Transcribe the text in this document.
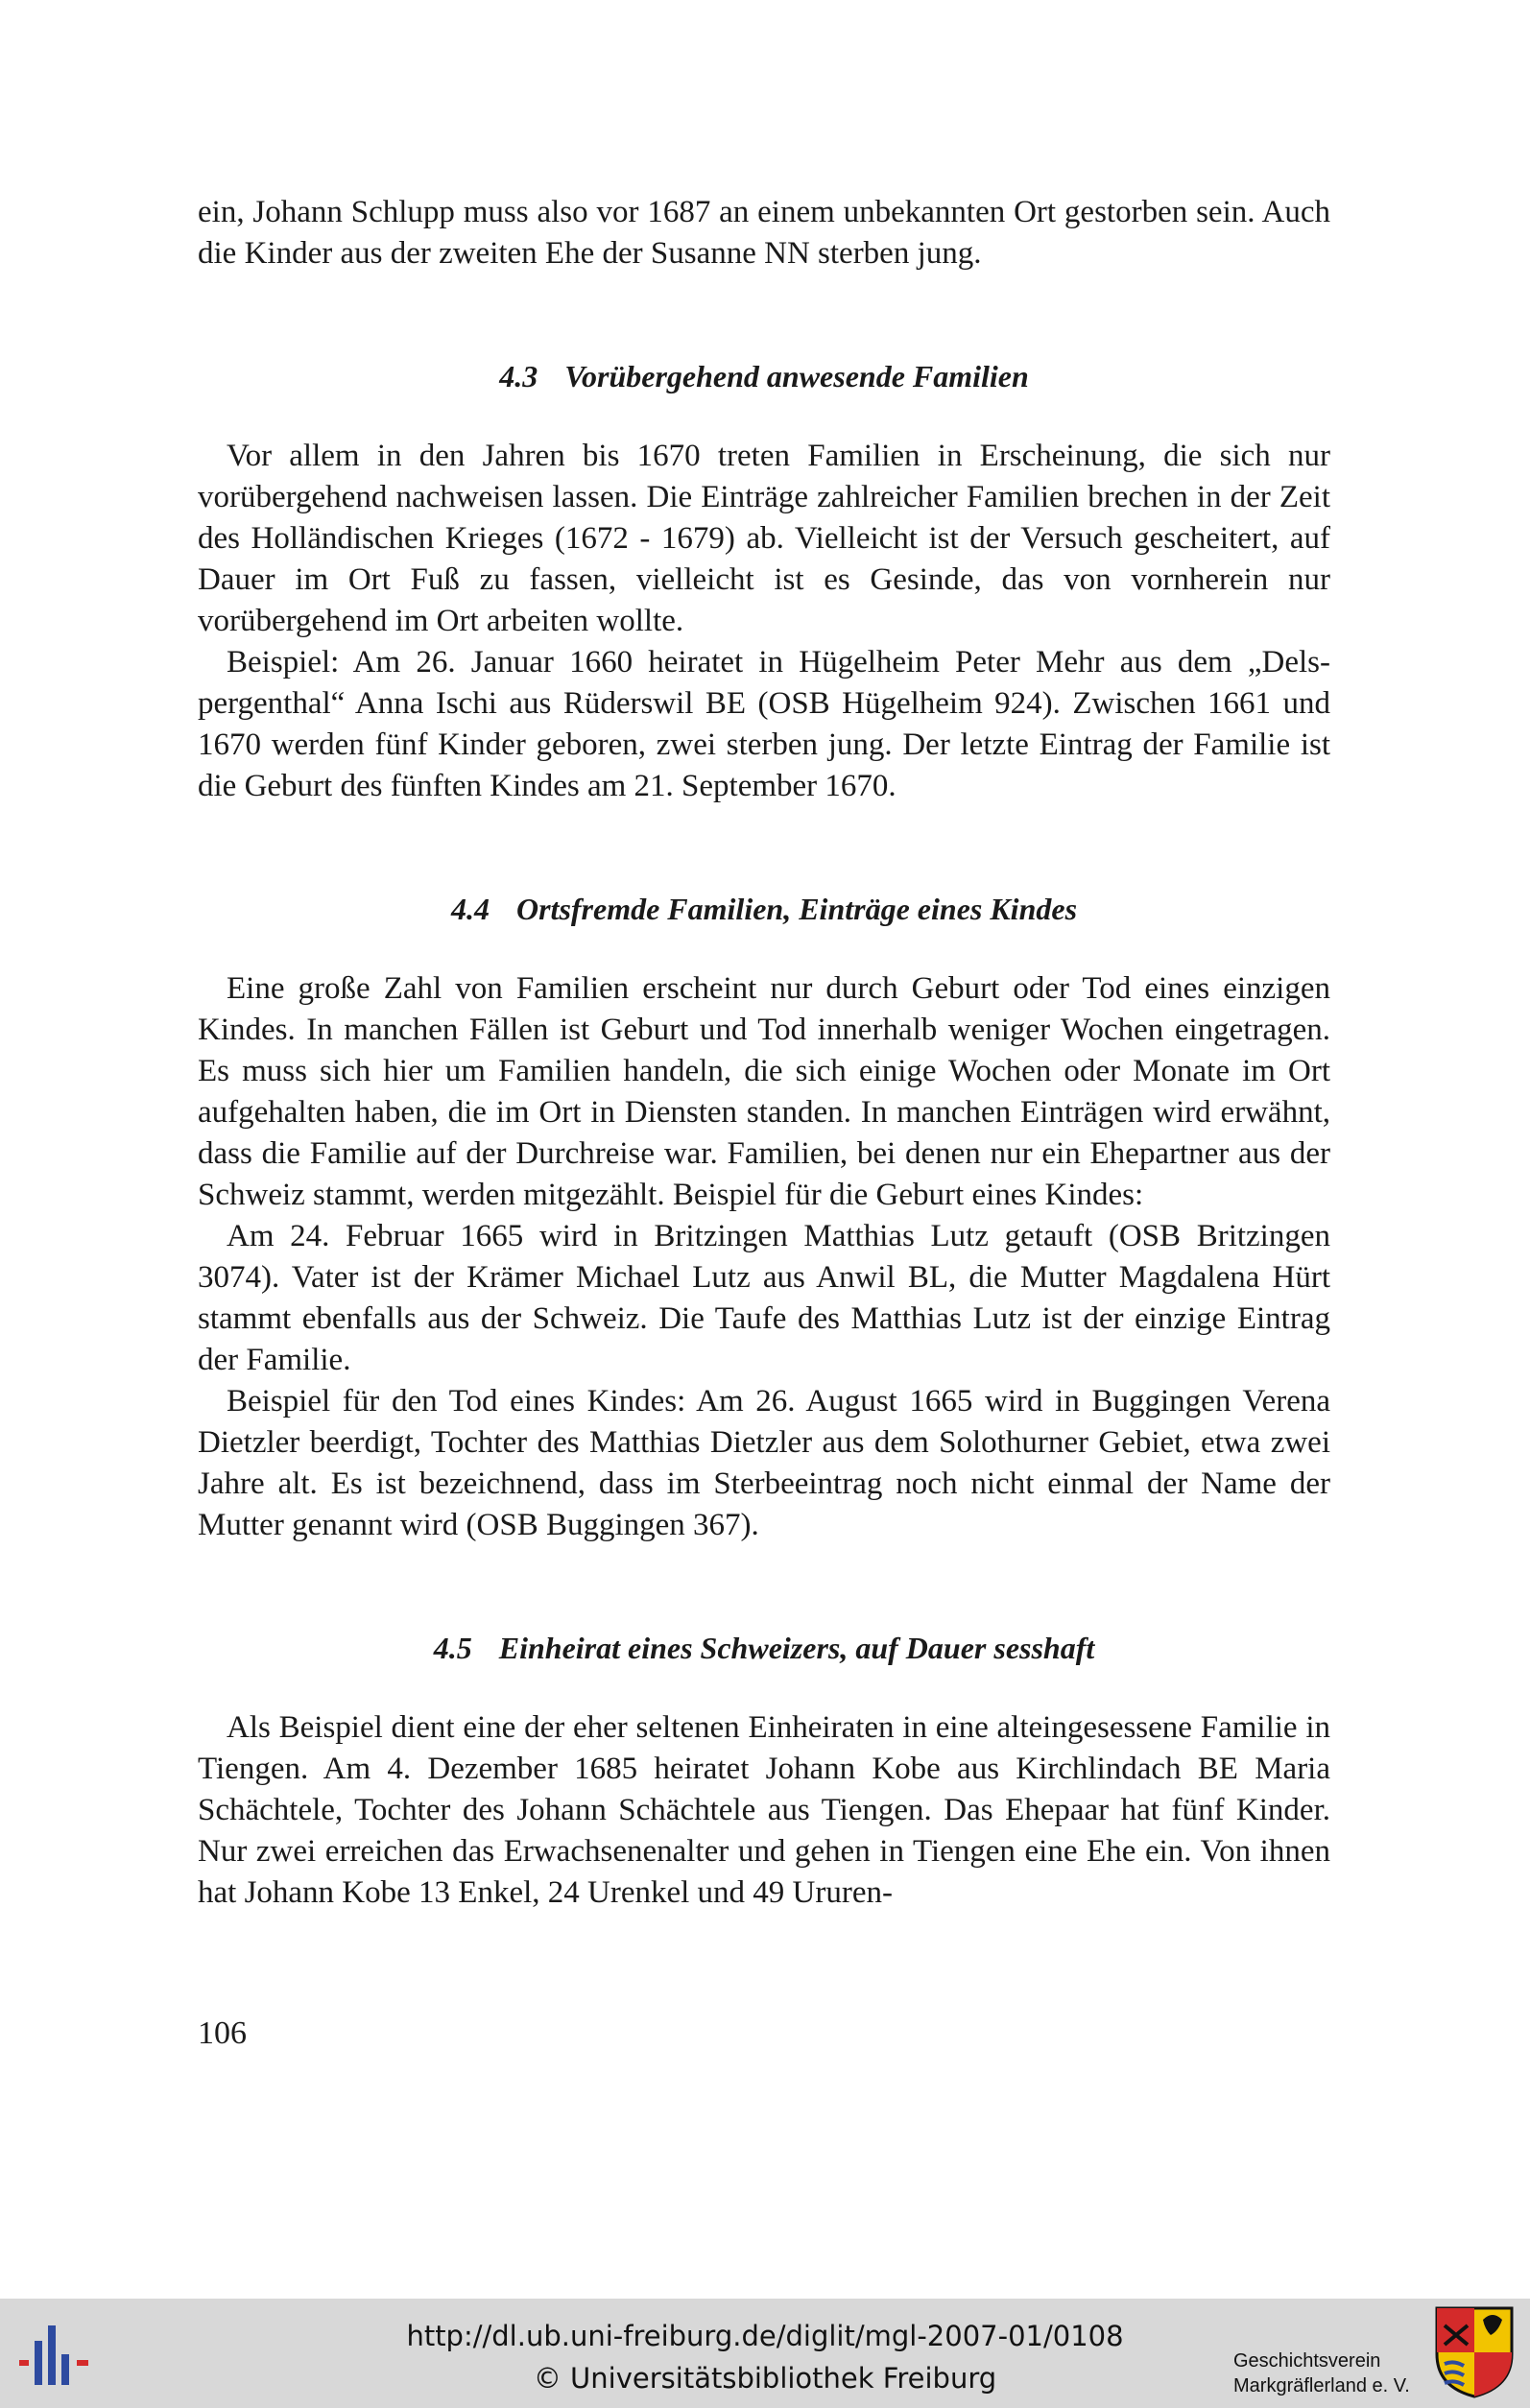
ein, Johann Schlupp muss also vor 1687 an einem unbekannten Ort gestorben sein. Auch die Kinder aus der zweiten Ehe der Susanne NN sterben jung.

4.3 Vorübergehend anwesende Familien

Vor allem in den Jahren bis 1670 treten Familien in Erscheinung, die sich nur vorübergehend nachweisen lassen. Die Einträge zahlreicher Familien brechen in der Zeit des Holländischen Krieges (1672 - 1679) ab. Vielleicht ist der Versuch gescheitert, auf Dauer im Ort Fuß zu fassen, vielleicht ist es Gesinde, das von vornherein nur vorübergehend im Ort arbeiten wollte.

Beispiel: Am 26. Januar 1660 heiratet in Hügelheim Peter Mehr aus dem „Delspergenthal“ Anna Ischi aus Rüderswil BE (OSB Hügelheim 924). Zwischen 1661 und 1670 werden fünf Kinder geboren, zwei sterben jung. Der letzte Eintrag der Familie ist die Geburt des fünften Kindes am 21. September 1670.

4.4 Ortsfremde Familien, Einträge eines Kindes

Eine große Zahl von Familien erscheint nur durch Geburt oder Tod eines einzigen Kindes. In manchen Fällen ist Geburt und Tod innerhalb weniger Wochen eingetragen. Es muss sich hier um Familien handeln, die sich einige Wochen oder Monate im Ort aufgehalten haben, die im Ort in Diensten standen. In manchen Einträgen wird erwähnt, dass die Familie auf der Durchreise war. Familien, bei denen nur ein Ehepartner aus der Schweiz stammt, werden mitgezählt. Beispiel für die Geburt eines Kindes:

Am 24. Februar 1665 wird in Britzingen Matthias Lutz getauft (OSB Britzingen 3074). Vater ist der Krämer Michael Lutz aus Anwil BL, die Mutter Magdalena Hürt stammt ebenfalls aus der Schweiz. Die Taufe des Matthias Lutz ist der einzige Eintrag der Familie.

Beispiel für den Tod eines Kindes: Am 26. August 1665 wird in Buggingen Verena Dietzler beerdigt, Tochter des Matthias Dietzler aus dem Solothurner Gebiet, etwa zwei Jahre alt. Es ist bezeichnend, dass im Sterbeeintrag noch nicht einmal der Name der Mutter genannt wird (OSB Buggingen 367).

4.5 Einheirat eines Schweizers, auf Dauer sesshaft

Als Beispiel dient eine der eher seltenen Einheiraten in eine alteingesessene Familie in Tiengen. Am 4. Dezember 1685 heiratet Johann Kobe aus Kirchlindach BE Maria Schächtele, Tochter des Johann Schächtele aus Tiengen. Das Ehepaar hat fünf Kinder. Nur zwei erreichen das Erwachsenenalter und gehen in Tiengen eine Ehe ein. Von ihnen hat Johann Kobe 13 Enkel, 24 Urenkel und 49 Ururen-

106
http://dl.ub.uni-freiburg.de/diglit/mgl-2007-01/0108
© Universitätsbibliothek Freiburg
Geschichtsverein
Markgräflerland e. V.
